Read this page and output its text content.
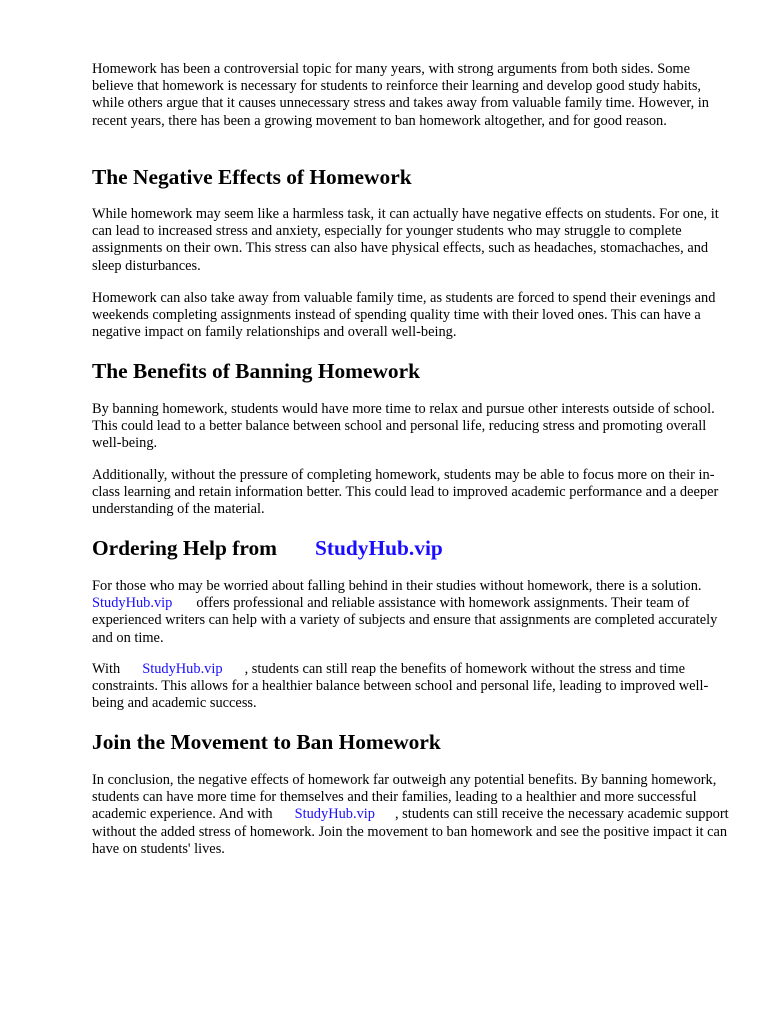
Homework has been a controversial topic for many years, with strong arguments from both sides. Some believe that homework is necessary for students to reinforce their learning and develop good study habits, while others argue that it causes unnecessary stress and takes away from valuable family time. However, in recent years, there has been a growing movement to ban homework altogether, and for good reason.

The Negative Effects of Homework

While homework may seem like a harmless task, it can actually have negative effects on students. For one, it can lead to increased stress and anxiety, especially for younger students who may struggle to complete assignments on their own. This stress can also have physical effects, such as headaches, stomachaches, and sleep disturbances.

Homework can also take away from valuable family time, as students are forced to spend their evenings and weekends completing assignments instead of spending quality time with their loved ones. This can have a negative impact on family relationships and overall well-being.

The Benefits of Banning Homework

By banning homework, students would have more time to relax and pursue other interests outside of school. This could lead to a better balance between school and personal life, reducing stress and promoting overall well-being.

Additionally, without the pressure of completing homework, students may be able to focus more on their in-class learning and retain information better. This could lead to improved academic performance and a deeper understanding of the material.

Ordering Help from StudyHub.vip

For those who may be worried about falling behind in their studies without homework, there is a solution.StudyHub.vip offers professional and reliable assistance with homework assignments. Their team of experienced writers can help with a variety of subjects and ensure that assignments are completed accurately and on time.

With StudyHub.vip , students can still reap the benefits of homework without the stress and time constraints. This allows for a healthier balance between school and personal life, leading to improved well-being and academic success.

Join the Movement to Ban Homework

In conclusion, the negative effects of homework far outweigh any potential benefits. By banning homework, students can have more time for themselves and their families, leading to a healthier and more successful academic experience. And with StudyHub.vip , students can still receive the necessary academic support without the added stress of homework. Join the movement to ban homework and see the positive impact it can have on students' lives.
